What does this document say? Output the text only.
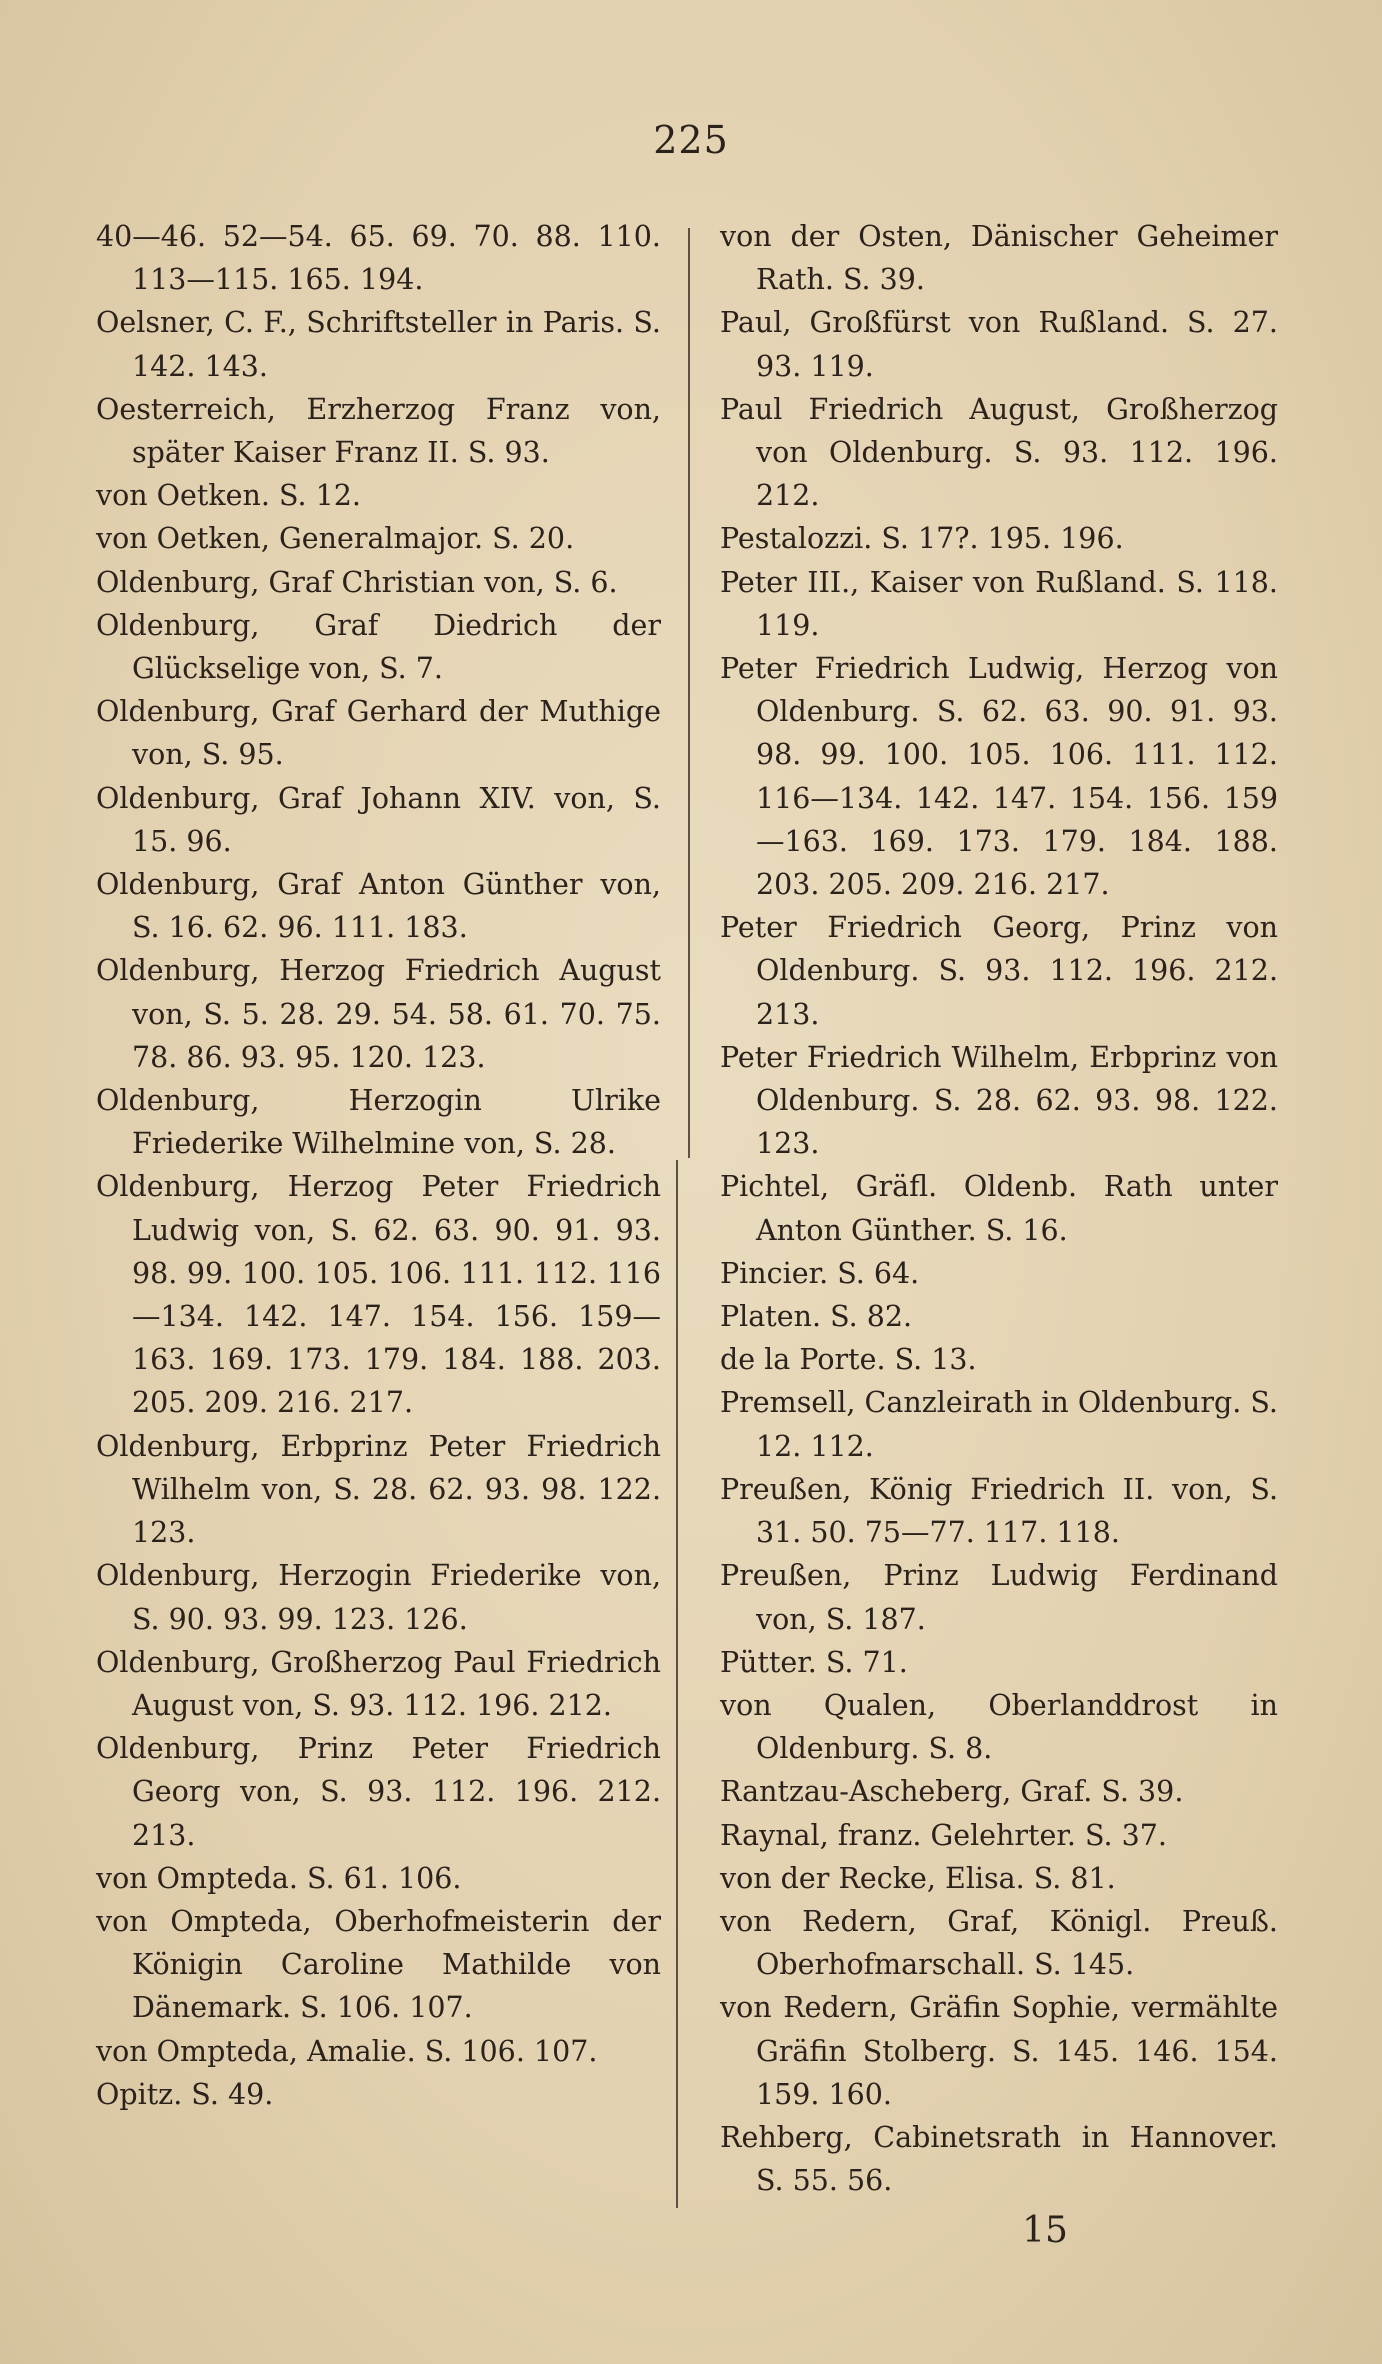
225

40—46. 52—54. 65. 69. 70. 88. 110. 113—115. 165. 194.

Oelsner, C. F., Schriftsteller in Paris. S. 142. 143.

Oesterreich, Erzherzog Franz von, später Kaiser Franz II. S. 93.

von Oetken. S. 12.

von Oetken, Generalmajor. S. 20.

Oldenburg, Graf Christian von, S. 6.

Oldenburg, Graf Diedrich der Glückselige von, S. 7.

Oldenburg, Graf Gerhard der Muthige von, S. 95.

Oldenburg, Graf Johann XIV. von, S. 15. 96.

Oldenburg, Graf Anton Günther von, S. 16. 62. 96. 111. 183.

Oldenburg, Herzog Friedrich August von, S. 5. 28. 29. 54. 58. 61. 70. 75. 78. 86. 93. 95. 120. 123.

Oldenburg, Herzogin Ulrike Friederike Wilhelmine von, S. 28.

Oldenburg, Herzog Peter Friedrich Ludwig von, S. 62. 63. 90. 91. 93. 98. 99. 100. 105. 106. 111. 112. 116—134. 142. 147. 154. 156. 159—163. 169. 173. 179. 184. 188. 203. 205. 209. 216. 217.

Oldenburg, Erbprinz Peter Friedrich Wilhelm von, S. 28. 62. 93. 98. 122. 123.

Oldenburg, Herzogin Friederike von, S. 90. 93. 99. 123. 126.

Oldenburg, Großherzog Paul Friedrich August von, S. 93. 112. 196. 212.

Oldenburg, Prinz Peter Friedrich Georg von, S. 93. 112. 196. 212. 213.

von Ompteda. S. 61. 106.

von Ompteda, Oberhofmeisterin der Königin Caroline Mathilde von Dänemark. S. 106. 107.

von Ompteda, Amalie. S. 106. 107.

Opitz. S. 49.

von der Osten, Dänischer Geheimer Rath. S. 39.

Paul, Großfürst von Rußland. S. 27. 93. 119.

Paul Friedrich August, Großherzog von Oldenburg. S. 93. 112. 196. 212.

Pestalozzi. S. 17?. 195. 196.

Peter III., Kaiser von Rußland. S. 118. 119.

Peter Friedrich Ludwig, Herzog von Oldenburg. S. 62. 63. 90. 91. 93. 98. 99. 100. 105. 106. 111. 112. 116—134. 142. 147. 154. 156. 159—163. 169. 173. 179. 184. 188. 203. 205. 209. 216. 217.

Peter Friedrich Georg, Prinz von Oldenburg. S. 93. 112. 196. 212. 213.

Peter Friedrich Wilhelm, Erbprinz von Oldenburg. S. 28. 62. 93. 98. 122. 123.

Pichtel, Gräfl. Oldenb. Rath unter Anton Günther. S. 16.

Pincier. S. 64.

Platen. S. 82.

de la Porte. S. 13.

Premsell, Canzleirath in Oldenburg. S. 12. 112.

Preußen, König Friedrich II. von, S. 31. 50. 75—77. 117. 118.

Preußen, Prinz Ludwig Ferdinand von, S. 187.

Pütter. S. 71.

von Qualen, Oberlanddrost in Oldenburg. S. 8.

Rantzau-Ascheberg, Graf. S. 39.

Raynal, franz. Gelehrter. S. 37.

von der Recke, Elisa. S. 81.

von Redern, Graf, Königl. Preuß. Oberhofmarschall. S. 145.

von Redern, Gräfin Sophie, vermählte Gräfin Stolberg. S. 145. 146. 154. 159. 160.

Rehberg, Cabinetsrath in Hannover. S. 55. 56.

15
